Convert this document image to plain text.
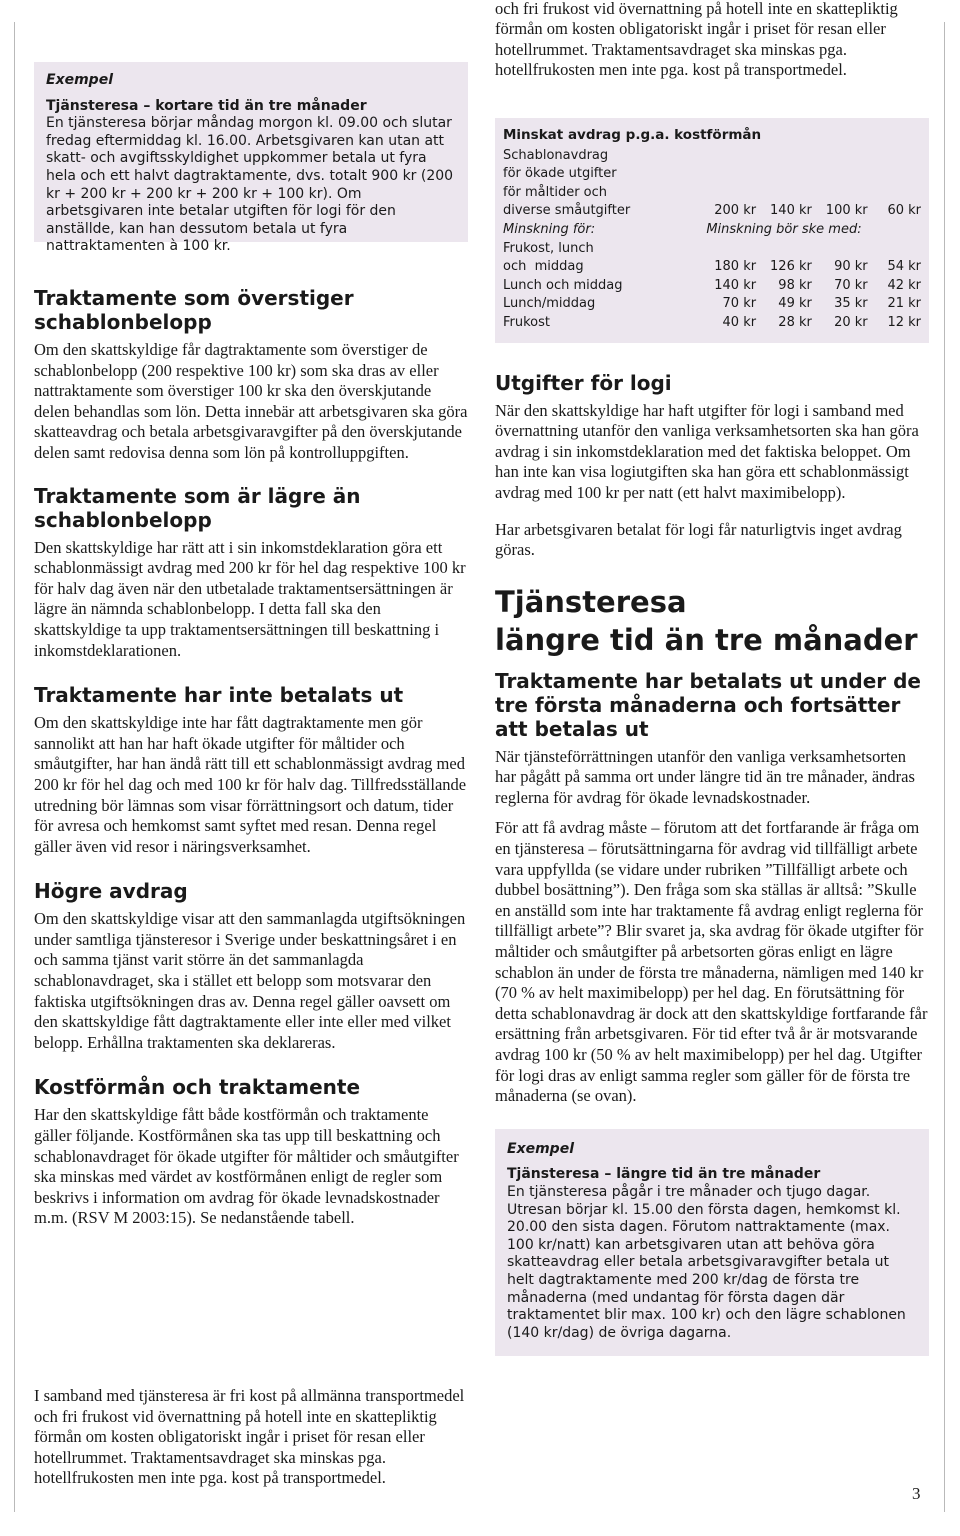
Exempel
Tjänsteresa – kortare tid än tre månader

En tjänsteresa börjar måndag morgon kl. 09.00 och slutar fredag eftermiddag kl. 16.00. Arbetsgivaren kan utan att skatt- och avgiftsskyldighet uppkommer betala ut fyra hela och ett halvt dagtraktamente, dvs. totalt 900 kr (200 kr + 200 kr + 200 kr + 200 kr + 100 kr). Om arbetsgivaren inte betalar utgiften för logi för den anställde, kan han dessutom betala ut fyra nattraktamenten à 100 kr.

Traktamente som överstiger schablonbelopp

Om den skattskyldige får dagtraktamente som överstiger de schablonbelopp (200 respektive 100 kr) som ska dras av eller nattraktamente som överstiger 100 kr ska den överskjutande delen behandlas som lön. Detta innebär att arbetsgivaren ska göra skatteavdrag och betala arbetsgivaravgifter på den överskjutande delen samt redovisa denna som lön på kontrolluppgiften.

Traktamente som är lägre än schablonbelopp

Den skattskyldige har rätt att i sin inkomstdeklaration göra ett schablonmässigt avdrag med 200 kr för hel dag respektive 100 kr för halv dag även när den utbetalade traktamentsersättningen är lägre än nämnda schablonbelopp. I detta fall ska den skattskyldige ta upp traktamentsersättningen till beskattning i inkomstdeklarationen.

Traktamente har inte betalats ut

Om den skattskyldige inte har fått dagtraktamente men gör sannolikt att han har haft ökade utgifter för måltider och småutgifter, har han ändå rätt till ett schablonmässigt avdrag med 200 kr för hel dag och med 100 kr för halv dag. Tillfredsställande utredning bör lämnas som visar förrättningsort och datum, tider för avresa och hemkomst samt syftet med resan. Denna regel gäller även vid resor i näringsverksamhet.

Högre avdrag

Om den skattskyldige visar att den sammanlagda utgiftsökningen under samtliga tjänsteresor i Sverige under beskattningsåret i en och samma tjänst varit större än det sammanlagda schablonavdraget, ska i stället ett belopp som motsvarar den faktiska utgiftsökningen dras av. Denna regel gäller oavsett om den skattskyldige fått dagtraktamente eller inte eller med vilket belopp. Erhållna traktamenten ska deklareras.

Kostförmån och traktamente

Har den skattskyldige fått både kostförmån och traktamente gäller följande. Kostförmånen ska tas upp till beskattning och schablonavdraget för ökade utgifter för måltider och småutgifter ska minskas med värdet av kostförmånen enligt de regler som beskrivs i information om avdrag för ökade levnadskostnader m.m. (RSV M 2003:15). Se nedanstående tabell.

I samband med tjänsteresa är fri kost på allmänna transportmedel och fri frukost vid övernattning på hotell inte en skattepliktig förmån om kosten obligatoriskt ingår i priset för resan eller hotellrummet. Traktamentsavdraget ska minskas pga. hotellfrukosten men inte pga. kost på transportmedel.

och fri frukost vid övernattning på hotell inte en skattepliktig förmån om kosten obligatoriskt ingår i priset för resan eller hotellrummet. Traktamentsavdraget ska minskas pga. hotellfrukosten men inte pga. kost på transportmedel.

Minskat avdrag p.g.a. kostförmån
Schablonavdrag
för ökade utgifter
för måltider och
diverse småutgifter	200 kr	140 kr	100 kr	60 kr
Minskning för:	Minskning bör ske med:			
Frukost, lunch
och  middag	180 kr	126 kr	90 kr	54 kr
Lunch och middag	140 kr	98 kr	70 kr	42 kr
Lunch/middag	70 kr	49 kr	35 kr	21 kr
Frukost	40 kr	28 kr	20 kr	12 kr
Utgifter för logi

När den skattskyldige har haft utgifter för logi i samband med övernattning utanför den vanliga verksamhetsorten ska han göra avdrag i sin inkomstdeklaration med det faktiska beloppet. Om han inte kan visa logiutgiften ska han göra ett schablonmässigt avdrag med 100 kr per natt (ett halvt maximibelopp).

Har arbetsgivaren betalat för logi får naturligtvis inget avdrag göras.

Tjänsteresa
längre tid än tre månader
Traktamente har betalats ut under de tre första månaderna och fortsätter att betalas ut

När tjänsteförrättningen utanför den vanliga verksamhetsorten har pågått på samma ort under längre tid än tre månader, ändras reglerna för avdrag för ökade levnadskostnader.

För att få avdrag måste – förutom att det fortfarande är fråga om en tjänsteresa – förutsättningarna för avdrag vid tillfälligt arbete vara uppfyllda (se vidare under rubriken ”Tillfälligt arbete och dubbel bosättning”). Den fråga som ska ställas är alltså: ”Skulle en anställd som inte har traktamente få avdrag enligt reglerna för tillfälligt arbete”? Blir svaret ja, ska avdrag för ökade utgifter för måltider och småutgifter på arbetsorten göras enligt en lägre schablon än under de första tre månaderna, nämligen med 140 kr (70 % av helt maximibelopp) per hel dag. En förutsättning för detta schablonavdrag är dock att den skattskyldige fortfarande får ersättning från arbetsgivaren. För tid efter två år är motsvarande avdrag 100 kr (50 % av helt maximibelopp) per hel dag. Utgifter för logi dras av enligt samma regler som gäller för de första tre månaderna (se ovan).

Exempel
Tjänsteresa – längre tid än tre månader

En tjänsteresa pågår i tre månader och tjugo dagar. Utresan börjar kl. 15.00 den första dagen, hemkomst kl. 20.00 den sista dagen. Förutom nattraktamente (max. 100 kr/natt) kan arbetsgivaren utan att behöva göra skatteavdrag eller betala arbetsgivaravgifter betala ut helt dagtraktamente med 200 kr/dag de första tre månaderna (med undantag för första dagen där traktamentet blir max. 100 kr) och den lägre schablonen (140 kr/dag) de övriga dagarna.

3
